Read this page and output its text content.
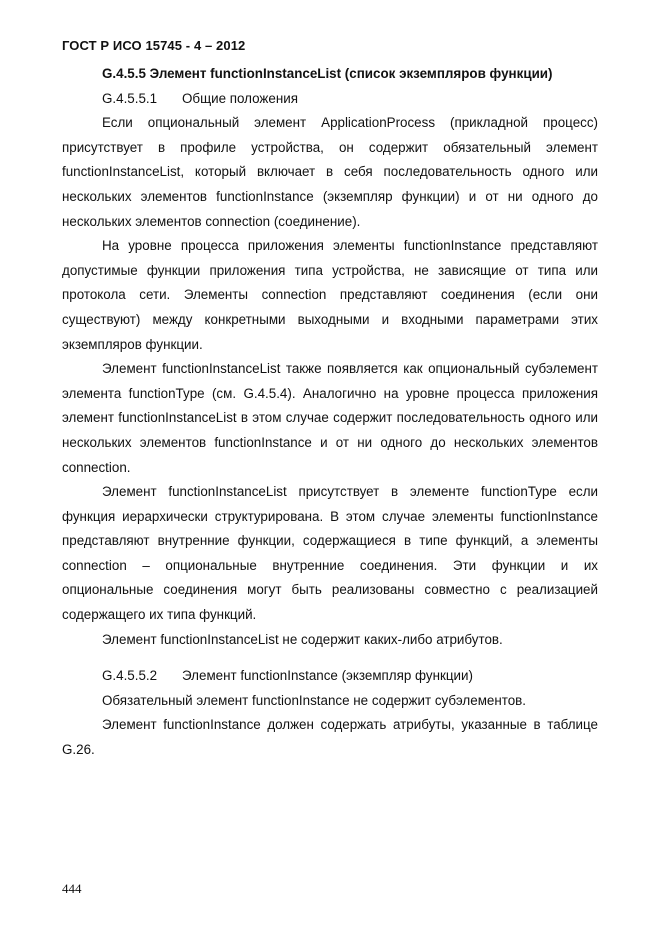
ГОСТ Р ИСО 15745 - 4 – 2012

G.4.5.5 Элемент functionInstanceList (список экземпляров функции)

G.4.5.5.1 Общие положения

Если опциональный элемент ApplicationProcess (прикладной процесс) присутствует в профиле устройства, он содержит обязательный элемент functionInstanceList, который включает в себя последовательность одного или нескольких элементов functionInstance (экземпляр функции) и от ни одного до нескольких элементов connection (соединение).

На уровне процесса приложения элементы functionInstance представляют допустимые функции приложения типа устройства, не зависящие от типа или протокола сети. Элементы connection представляют соединения (если они существуют) между конкретными выходными и входными параметрами этих экземпляров функции.

Элемент functionInstanceList также появляется как опциональный субэлемент элемента functionType (см. G.4.5.4). Аналогично на уровне процесса приложения элемент functionInstanceList в этом случае содержит последовательность одного или нескольких элементов functionInstance и от ни одного до нескольких элементов connection.

Элемент functionInstanceList присутствует в элементе functionType если функция иерархически структурирована. В этом случае элементы functionInstance представляют внутренние функции, содержащиеся в типе функций, а элементы connection – опциональные внутренние соединения. Эти функции и их опциональные соединения могут быть реализованы совместно с реализацией содержащего их типа функций.

Элемент functionInstanceList не содержит каких-либо атрибутов.

G.4.5.5.2 Элемент functionInstance (экземпляр функции)

Обязательный элемент functionInstance не содержит субэлементов.

Элемент functionInstance должен содержать атрибуты, указанные в таблице G.26.

444
